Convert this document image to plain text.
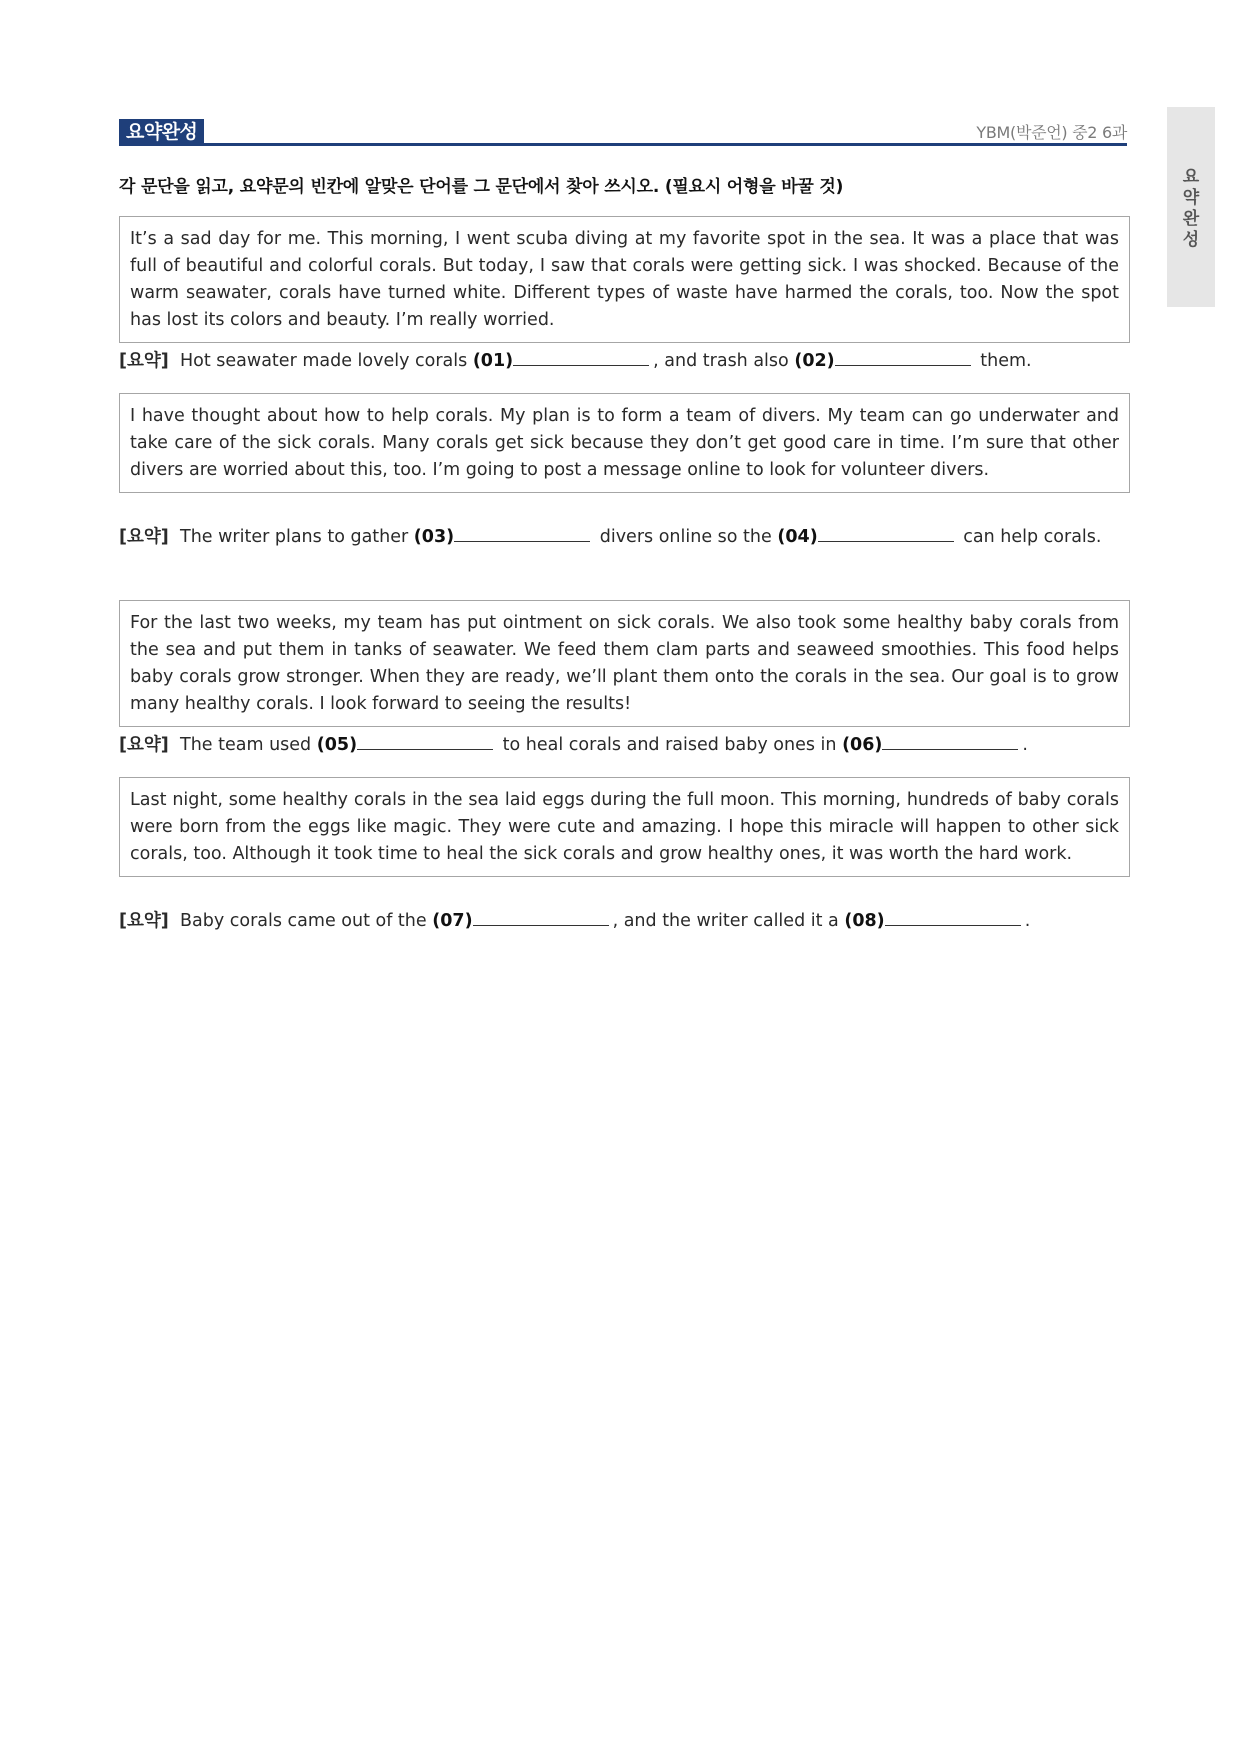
요약완성	YBM(박준언) 중2 6과
요
약
완
성
각 문단을 읽고, 요약문의 빈칸에 알맞은 단어를 그 문단에서 찾아 쓰시오. (필요시 어형을 바꿀 것)
It’s a sad day for me. This morning, I went scuba diving at my favorite spot in the sea. It was a place that was full of beautiful and colorful corals. But today, I saw that corals were getting sick. I was shocked. Because of the warm seawater, corals have turned white. Different types of waste have harmed the corals, too. Now the spot has lost its colors and beauty. I’m really worried.
[요약] Hot seawater made lovely corals (01)	, and trash also (02)	them.
I have thought about how to help corals. My plan is to form a team of divers. My team can go underwater and take care of the sick corals. Many corals get sick because they don’t get good care in time. I’m sure that other divers are worried about this, too. I’m going to post a message online to look for volunteer divers.
[요약] The writer plans to gather (03)	divers online so the (04)	can help corals.
For the last two weeks, my team has put ointment on sick corals. We also took some healthy baby corals from the sea and put them in tanks of seawater. We feed them clam parts and seaweed smoothies. This food helps baby corals grow stronger. When they are ready, we’ll plant them onto the corals in the sea. Our goal is to grow many healthy corals. I look forward to seeing the results!
[요약] The team used (05)	to heal corals and raised baby ones in (06)	.
Last night, some healthy corals in the sea laid eggs during the full moon. This morning, hundreds of baby corals were born from the eggs like magic. They were cute and amazing. I hope this miracle will happen to other sick corals, too. Although it took time to heal the sick corals and grow healthy ones, it was worth the hard work.
[요약] Baby corals came out of the (07)	, and the writer called it a (08)	.
